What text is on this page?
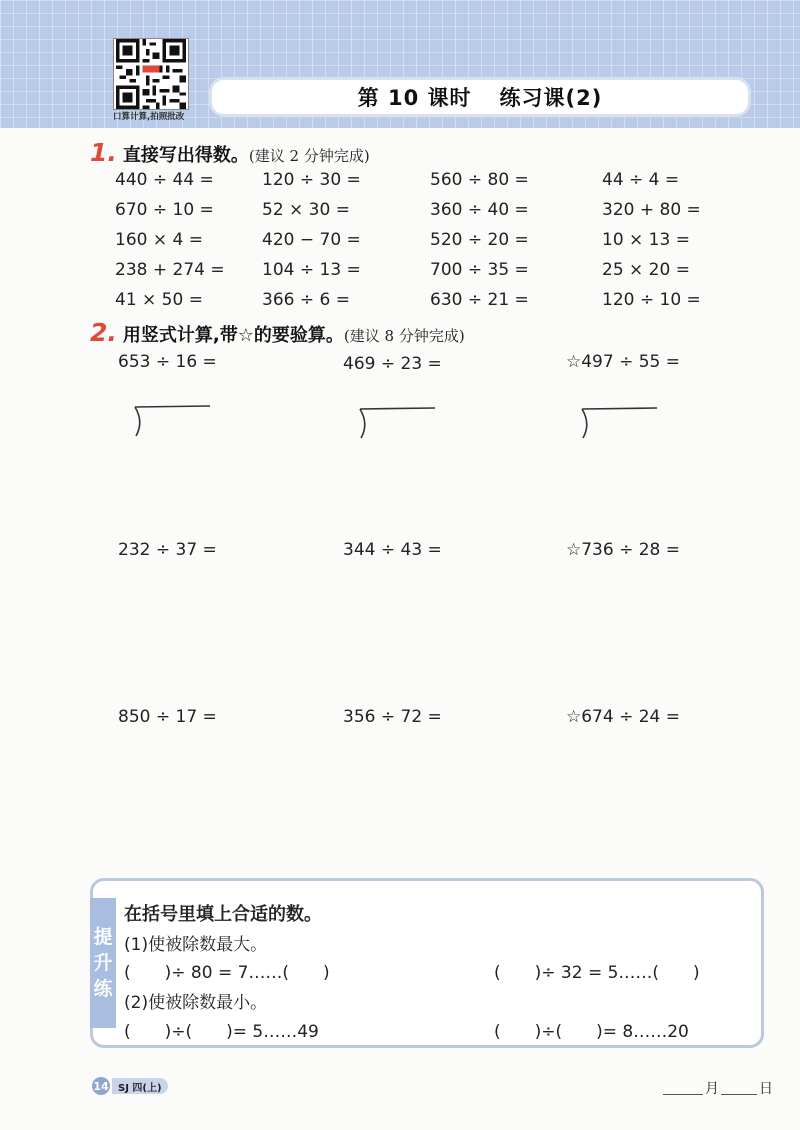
口算计算,拍照批改
第 10 课时 练习课(2)
1. 直接写出得数。 (建议 2 分钟完成)
440 ÷ 44 =	120 ÷ 30 =	560 ÷ 80 =	44 ÷ 4 =
670 ÷ 10 =	52 × 30 =	360 ÷ 40 =	320 + 80 =
160 × 4 =	420 − 70 =	520 ÷ 20 =	10 × 13 =
238 + 274 = 104 ÷ 13 =	700 ÷ 35 =	25 × 20 =
41 × 50 =	366 ÷ 6 =	630 ÷ 21 =	120 ÷ 10 =
2. 用竖式计算,带☆的要验算。 (建议 8 分钟完成)
653 ÷ 16 =	469 ÷ 23 =	☆497 ÷ 55 =
232 ÷ 37 =	344 ÷ 43 =	☆736 ÷ 28 =
850 ÷ 17 =	356 ÷ 72 =	☆674 ÷ 24 =
提
升
练
在括号里填上合适的数。
(1)使被除数最大。
(　　)÷ 80 = 7……(　　)	(　　)÷ 32 = 5……(　　)
(2)使被除数最小。
(　　)÷(　　)= 5……49	(　　)÷(　　)= 8……20
14 SJ 四(上)	月	日
